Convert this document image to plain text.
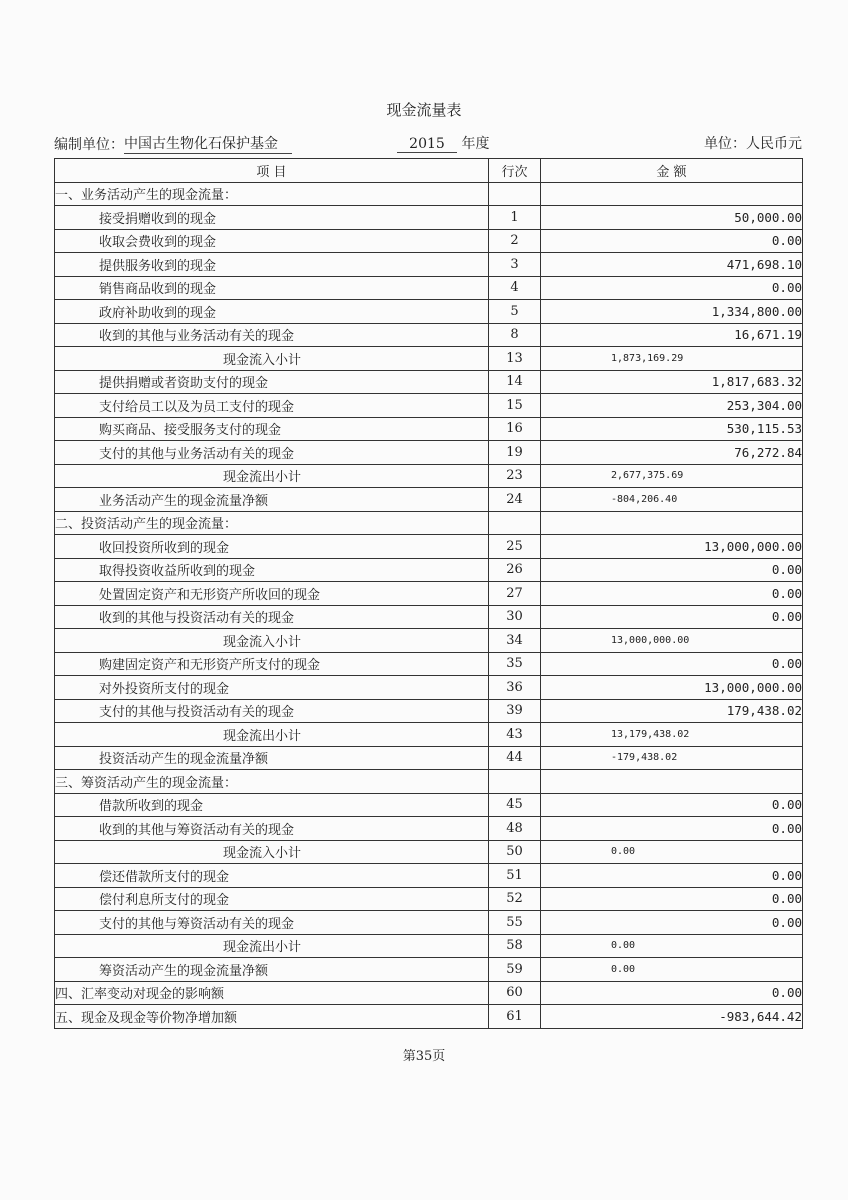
现金流量表
编制单位：中国古生物化石保护基金	2015 年度	单位：人民币元
项 目	行次	金 额
一、业务活动产生的现金流量：		
接受捐赠收到的现金	1	50,000.00
收取会费收到的现金	2	0.00
提供服务收到的现金	3	471,698.10
销售商品收到的现金	4	0.00
政府补助收到的现金	5	1,334,800.00
收到的其他与业务活动有关的现金	8	16,671.19
现金流入小计	13	1,873,169.29
提供捐赠或者资助支付的现金	14	1,817,683.32
支付给员工以及为员工支付的现金	15	253,304.00
购买商品、接受服务支付的现金	16	530,115.53
支付的其他与业务活动有关的现金	19	76,272.84
现金流出小计	23	2,677,375.69
业务活动产生的现金流量净额	24	-804,206.40
二、投资活动产生的现金流量：		
收回投资所收到的现金	25	13,000,000.00
取得投资收益所收到的现金	26	0.00
处置固定资产和无形资产所收回的现金	27	0.00
收到的其他与投资活动有关的现金	30	0.00
现金流入小计	34	13,000,000.00
购建固定资产和无形资产所支付的现金	35	0.00
对外投资所支付的现金	36	13,000,000.00
支付的其他与投资活动有关的现金	39	179,438.02
现金流出小计	43	13,179,438.02
投资活动产生的现金流量净额	44	-179,438.02
三、筹资活动产生的现金流量：		
借款所收到的现金	45	0.00
收到的其他与筹资活动有关的现金	48	0.00
现金流入小计	50	0.00
偿还借款所支付的现金	51	0.00
偿付利息所支付的现金	52	0.00
支付的其他与筹资活动有关的现金	55	0.00
现金流出小计	58	0.00
筹资活动产生的现金流量净额	59	0.00
四、汇率变动对现金的影响额	60	0.00
五、现金及现金等价物净增加额	61	-983,644.42
第35页
